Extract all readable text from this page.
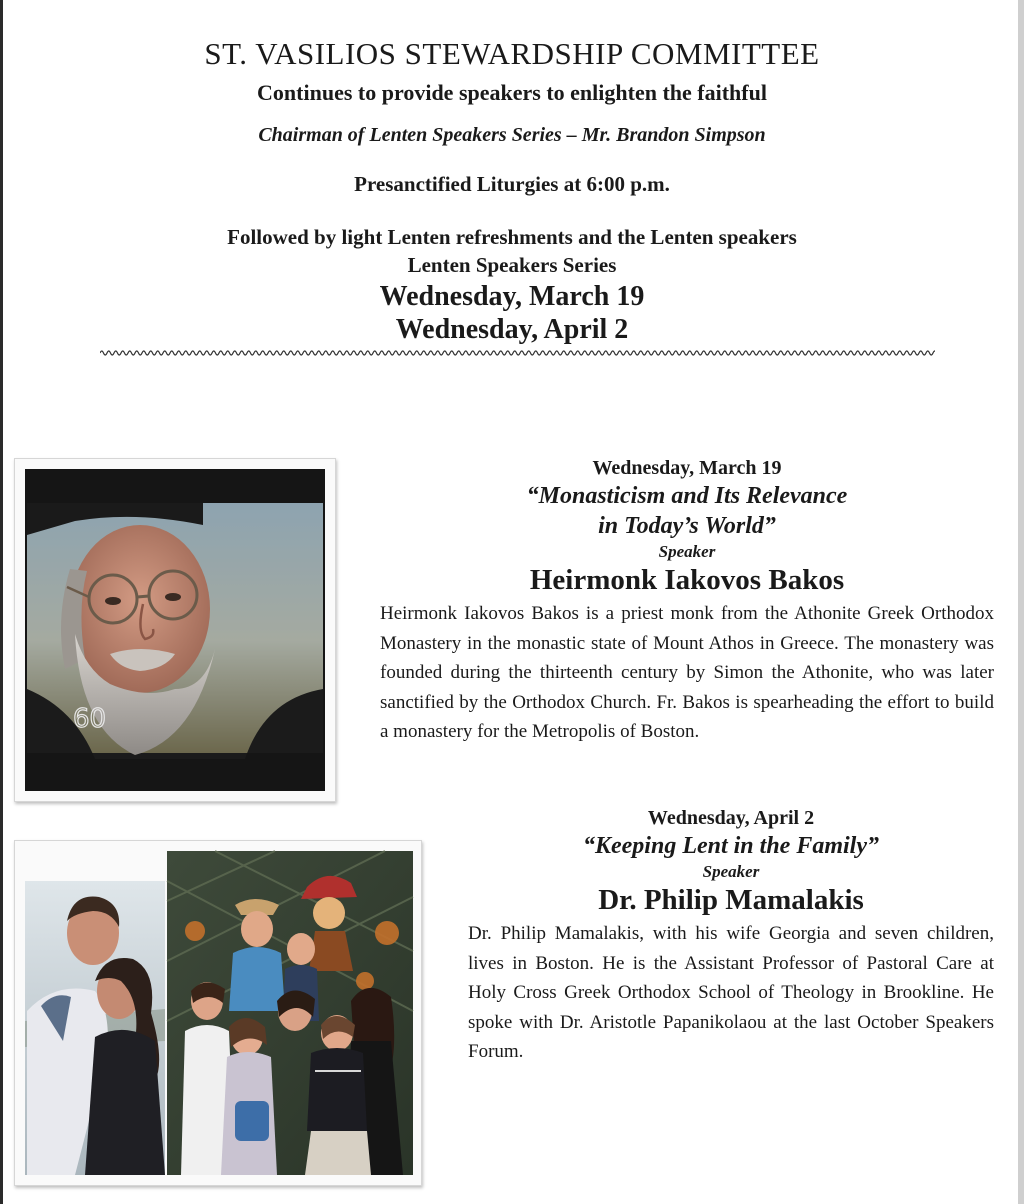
ST. VASILIOS STEWARDSHIP COMMITTEE
Continues to provide speakers to enlighten the faithful
Chairman of Lenten Speakers Series – Mr. Brandon Simpson
Presanctified Liturgies at 6:00 p.m.
Followed by light Lenten refreshments and the Lenten speakers
Lenten Speakers Series
Wednesday, March 19
Wednesday, April 2
60
Wednesday, March 19
“Monasticism and Its Relevance
in Today’s World”
Speaker
Heirmonk Iakovos Bakos
Heirmonk Iakovos Bakos is a priest monk from the Athonite Greek Orthodox Monastery in the monastic state of Mount Athos in Greece. The monastery was founded during the thirteenth century by Simon the Athonite, who was later sanctified by the Orthodox Church. Fr. Bakos is spearheading the effort to build a monastery for the Metropolis of Boston.
Wednesday, April 2
“Keeping Lent in the Family”
Speaker
Dr. Philip Mamalakis
Dr. Philip Mamalakis, with his wife Georgia and seven children, lives in Boston. He is the Assistant Professor of Pastoral Care at Holy Cross Greek Orthodox School of Theology in Brookline. He spoke with Dr. Aristotle Papanikolaou at the last October Speakers Forum.
